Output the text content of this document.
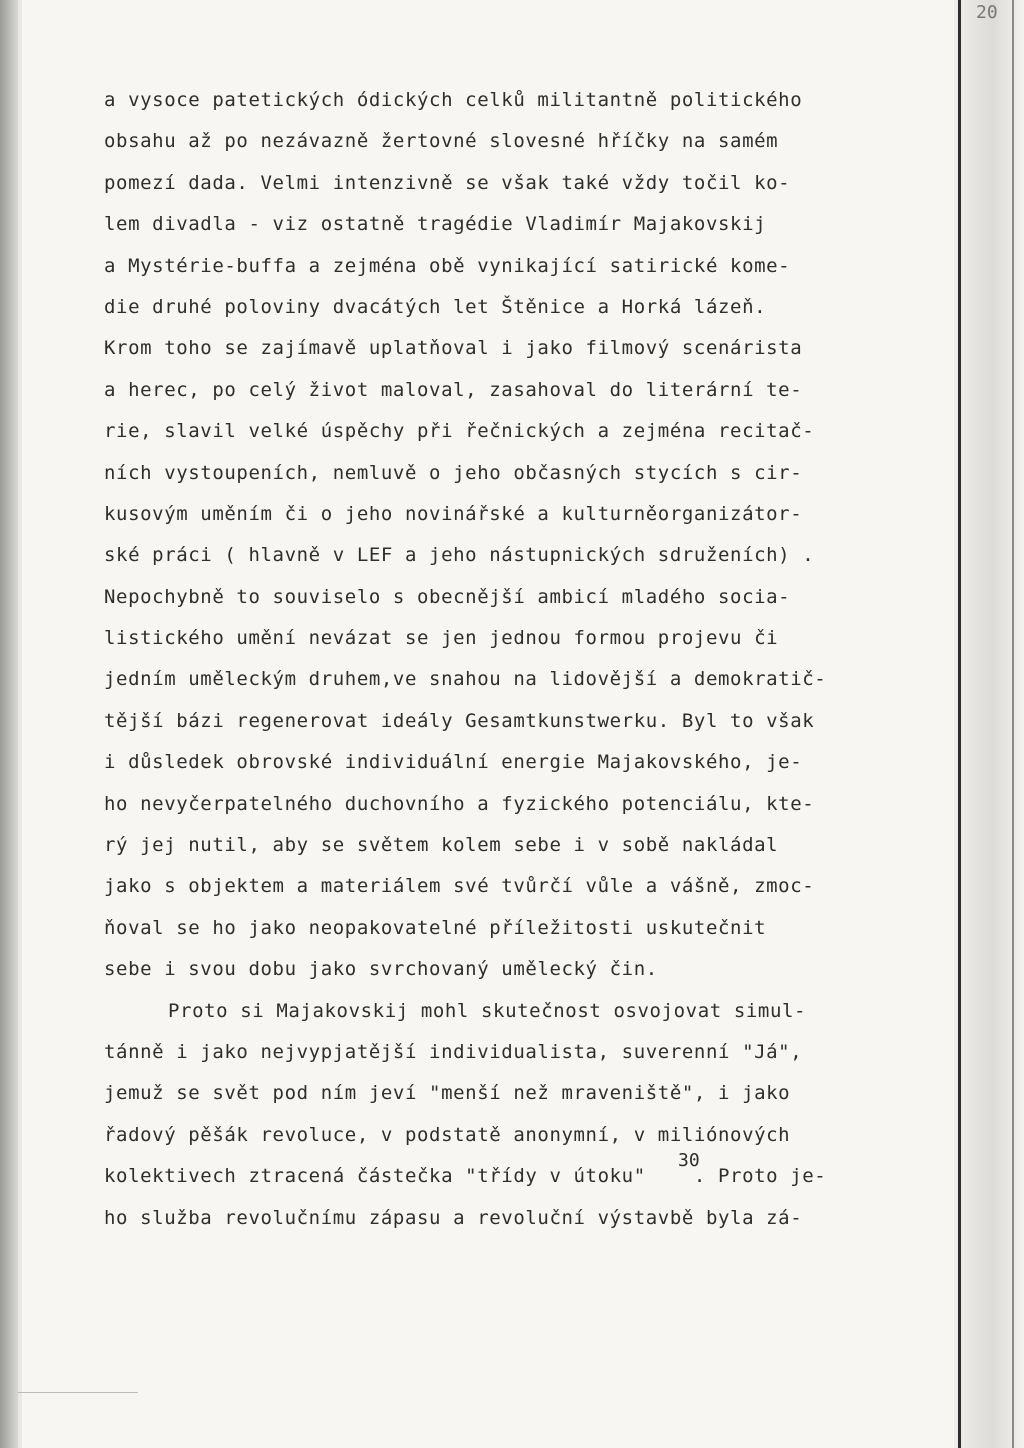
20
a vysoce patetických ódických celků militantně politického
obsahu až po nezávazně žertovné slovesné hříčky na samém
pomezí dada. Velmi intenzivně se však také vždy točil ko-
lem divadla - viz ostatně tragédie Vladimír Majakovskij
a Mystérie-buffa a zejména obě vynikající satirické kome-
die druhé poloviny dvacátých let Štěnice a Horká lázeň.
Krom toho se zajímavě uplatňoval i jako filmový scenárista
a herec, po celý život maloval, zasahoval do literární te-
rie, slavil velké úspěchy při řečnických a zejména recitač-
ních vystoupeních, nemluvě o jeho občasných stycích s cir-
kusovým uměním či o jeho novinářské a kulturněorganizátor-
ské práci ( hlavně v LEF a jeho nástupnických sdruženích) .
Nepochybně to souviselo s obecnější ambicí mladého socia-
listického umění nevázat se jen jednou formou projevu či
jedním uměleckým druhem,ve snahou na lidovější a demokratič-
tější bázi regenerovat ideály Gesamtkunstwerku. Byl to však
i důsledek obrovské individuální energie Majakovského, je-
ho nevyčerpatelného duchovního a fyzického potenciálu, kte-
rý jej nutil, aby se světem kolem sebe i v sobě nakládal
jako s objektem a materiálem své tvůrčí vůle a vášně, zmoc-
ňoval se ho jako neopakovatelné příležitosti uskutečnit
sebe i svou dobu jako svrchovaný umělecký čin.
Proto si Majakovskij mohl skutečnost osvojovat simul-
tánně i jako nejvypjatější individualista, suverenní "Já",
jemuž se svět pod ním jeví "menší než mraveniště", i jako
řadový pěšák revoluce, v podstatě anonymní, v miliónových
kolektivech ztracená částečka "třídy v útoku"    . Proto je-
ho služba revolučnímu zápasu a revoluční výstavbě byla zá-
30
